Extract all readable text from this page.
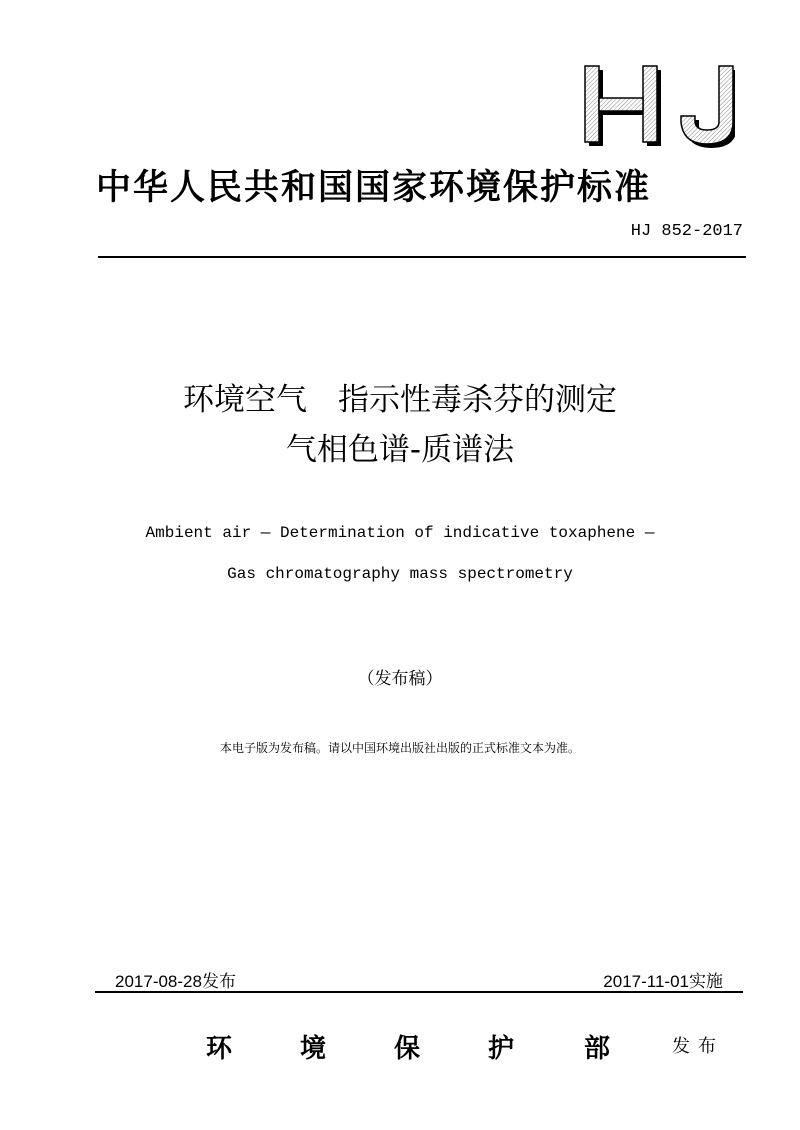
中华人民共和国国家环境保护标准
HJ 852-2017
环境空气　指示性毒杀芬的测定
气相色谱-质谱法
Ambient air — Determination of indicative toxaphene —
Gas chromatography mass spectrometry
（发布稿）
本电子版为发布稿。请以中国环境出版社出版的正式标准文本为准。
2017-08-28发布	2017-11-01实施
环	境	保	护	部	发布
